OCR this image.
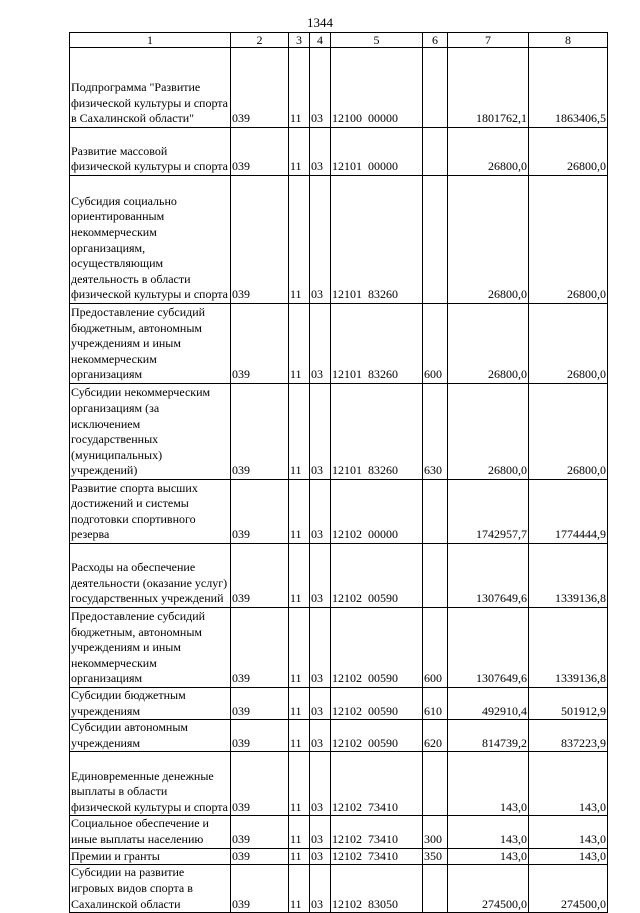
1344
1	2	3	4	5	6	7	8
Подпрограмма "Развитие физической культуры и спорта в Сахалинской области"	039	11	03	12100  00000		1801762,1	1863406,5
Развитие массовой физической культуры и спорта	039	11	03	12101  00000		26800,0	26800,0
Субсидия социально ориентированным некоммерческим организациям, осуществляющим деятельность в области физической культуры и спорта	039	11	03	12101  83260		26800,0	26800,0
Предоставление субсидий бюджетным, автономным учреждениям и иным некоммерческим организациям	039	11	03	12101  83260	600	26800,0	26800,0
Субсидии некоммерческим организациям (за исключением государственных (муниципальных) учреждений)	039	11	03	12101  83260	630	26800,0	26800,0
Развитие спорта высших достижений и системы подготовки спортивного резерва	039	11	03	12102  00000		1742957,7	1774444,9
Расходы на обеспечение деятельности (оказание услуг) государственных учреждений	039	11	03	12102  00590		1307649,6	1339136,8
Предоставление субсидий бюджетным, автономным учреждениям и иным некоммерческим организациям	039	11	03	12102  00590	600	1307649,6	1339136,8
Субсидии бюджетным учреждениям	039	11	03	12102  00590	610	492910,4	501912,9
Субсидии автономным учреждениям	039	11	03	12102  00590	620	814739,2	837223,9
Единовременные денежные выплаты в области физической культуры и спорта	039	11	03	12102  73410		143,0	143,0
Социальное обеспечение и иные выплаты населению	039	11	03	12102  73410	300	143,0	143,0
Премии и гранты	039	11	03	12102  73410	350	143,0	143,0
Субсидии на развитие игровых видов спорта в Сахалинской области	039	11	03	12102  83050		274500,0	274500,0
